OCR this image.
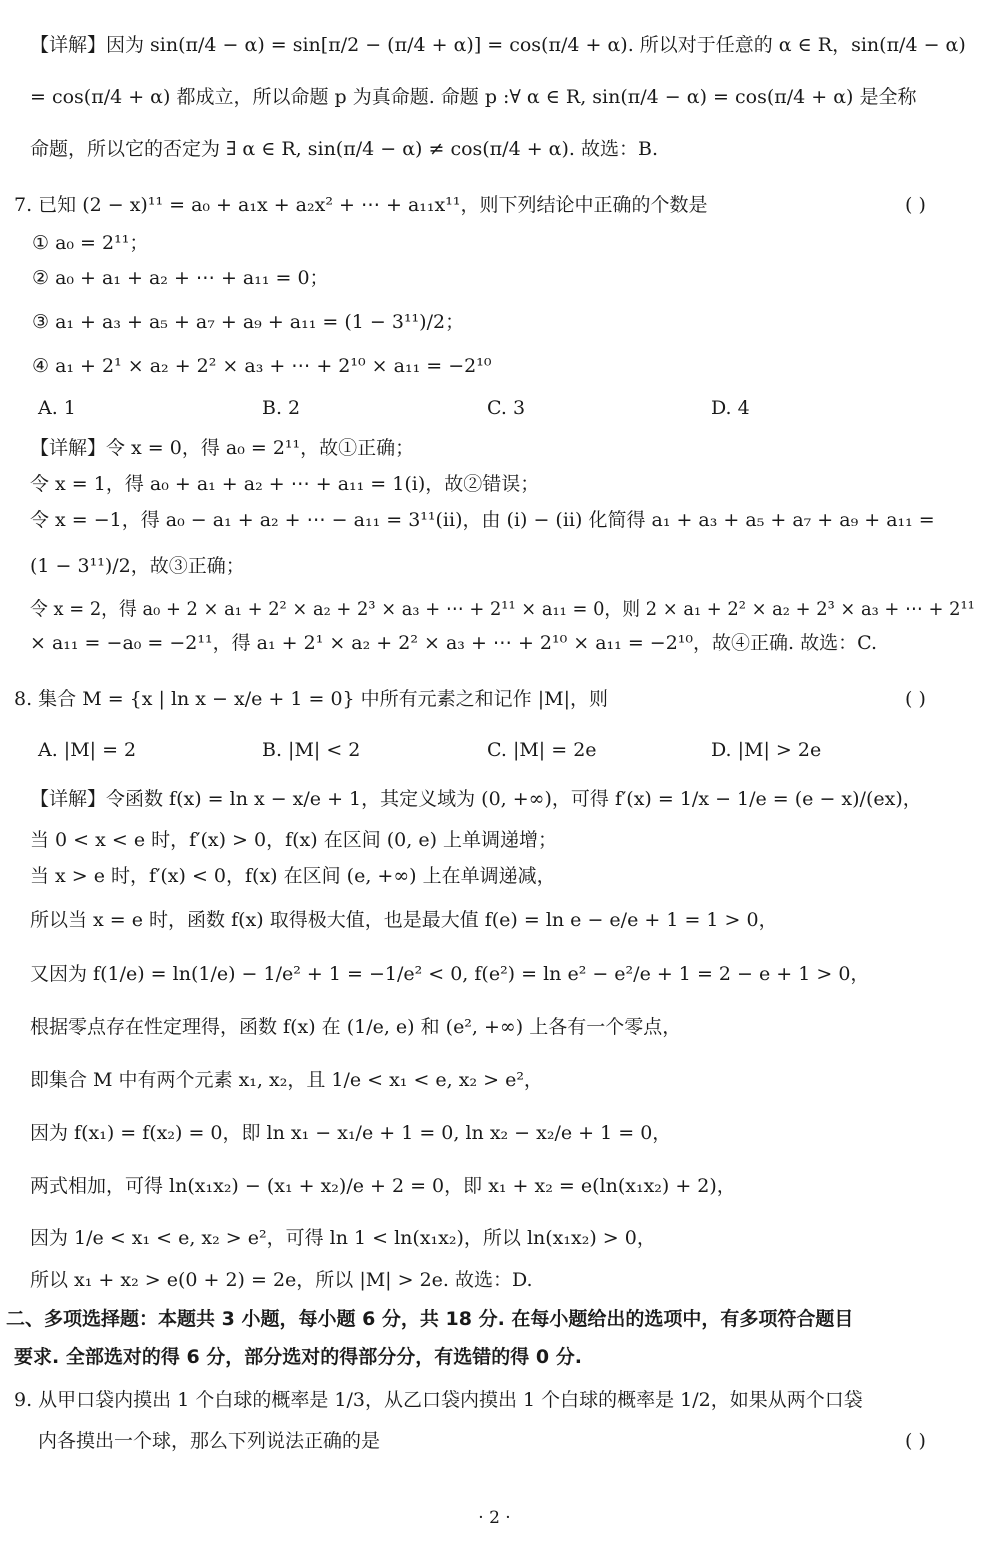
【详解】因为 sin(π/4 − α) = sin[π/2 − (π/4 + α)] = cos(π/4 + α). 所以对于任意的 α ∈ R，sin(π/4 − α)
= cos(π/4 + α) 都成立，所以命题 p 为真命题. 命题 p :∀ α ∈ R, sin(π/4 − α) = cos(π/4 + α) 是全称
命题，所以它的否定为 ∃ α ∈ R, sin(π/4 − α) ≠ cos(π/4 + α). 故选：B.
7. 已知 (2 − x)¹¹ = a₀ + a₁x + a₂x² + ⋯ + a₁₁x¹¹，则下列结论中正确的个数是	( )
① a₀ = 2¹¹；
② a₀ + a₁ + a₂ + ⋯ + a₁₁ = 0；
③ a₁ + a₃ + a₅ + a₇ + a₉ + a₁₁ = (1 − 3¹¹)/2；
④ a₁ + 2¹ × a₂ + 2² × a₃ + ⋯ + 2¹⁰ × a₁₁ = −2¹⁰
A. 1	B. 2	C. 3	D. 4
【详解】令 x = 0，得 a₀ = 2¹¹，故①正确；
令 x = 1，得 a₀ + a₁ + a₂ + ⋯ + a₁₁ = 1(i)，故②错误；
令 x = −1，得 a₀ − a₁ + a₂ + ⋯ − a₁₁ = 3¹¹(ii)，由 (i) − (ii) 化简得 a₁ + a₃ + a₅ + a₇ + a₉ + a₁₁ =
(1 − 3¹¹)/2，故③正确；
令 x = 2，得 a₀ + 2 × a₁ + 2² × a₂ + 2³ × a₃ + ⋯ + 2¹¹ × a₁₁ = 0，则 2 × a₁ + 2² × a₂ + 2³ × a₃ + ⋯ + 2¹¹
× a₁₁ = −a₀ = −2¹¹，得 a₁ + 2¹ × a₂ + 2² × a₃ + ⋯ + 2¹⁰ × a₁₁ = −2¹⁰，故④正确. 故选：C.
8. 集合 M = {x | ln x − x/e + 1 = 0} 中所有元素之和记作 |M|，则	( )
A. |M| = 2	B. |M| < 2	C. |M| = 2e	D. |M| > 2e
【详解】令函数 f(x) = ln x − x/e + 1，其定义域为 (0, +∞)，可得 f′(x) = 1/x − 1/e = (e − x)/(ex)，
当 0 < x < e 时，f′(x) > 0，f(x) 在区间 (0, e) 上单调递增；
当 x > e 时，f′(x) < 0，f(x) 在区间 (e, +∞) 上在单调递减，
所以当 x = e 时，函数 f(x) 取得极大值，也是最大值 f(e) = ln e − e/e + 1 = 1 > 0，
又因为 f(1/e) = ln(1/e) − 1/e² + 1 = −1/e² < 0, f(e²) = ln e² − e²/e + 1 = 2 − e + 1 > 0，
根据零点存在性定理得，函数 f(x) 在 (1/e, e) 和 (e², +∞) 上各有一个零点，
即集合 M 中有两个元素 x₁, x₂，且 1/e < x₁ < e, x₂ > e²，
因为 f(x₁) = f(x₂) = 0，即 ln x₁ − x₁/e + 1 = 0, ln x₂ − x₂/e + 1 = 0，
两式相加，可得 ln(x₁x₂) − (x₁ + x₂)/e + 2 = 0，即 x₁ + x₂ = e(ln(x₁x₂) + 2)，
因为 1/e < x₁ < e, x₂ > e²，可得 ln 1 < ln(x₁x₂)，所以 ln(x₁x₂) > 0，
所以 x₁ + x₂ > e(0 + 2) = 2e，所以 |M| > 2e. 故选：D.
二、多项选择题：本题共 3 小题，每小题 6 分，共 18 分. 在每小题给出的选项中，有多项符合题目
要求. 全部选对的得 6 分，部分选对的得部分分，有选错的得 0 分.
9. 从甲口袋内摸出 1 个白球的概率是 1/3，从乙口袋内摸出 1 个白球的概率是 1/2，如果从两个口袋
内各摸出一个球，那么下列说法正确的是	( )
· 2 ·
